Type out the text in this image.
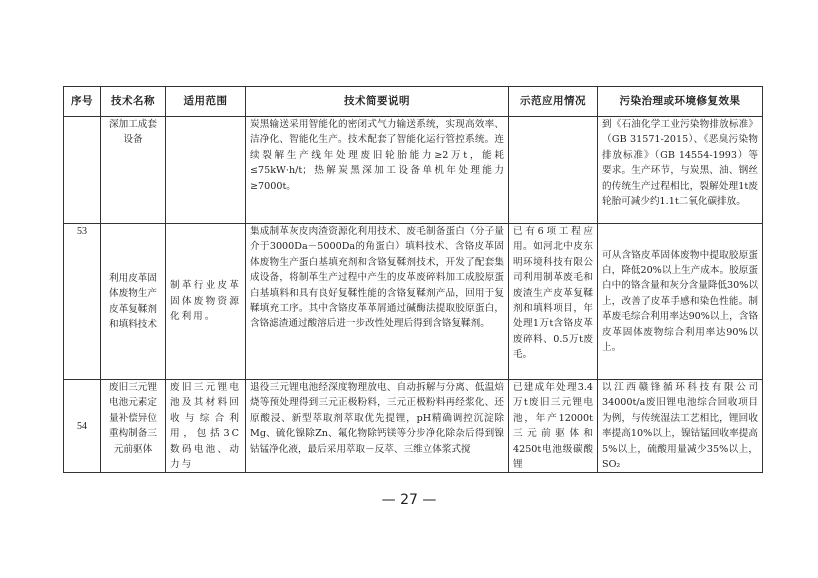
序号	技术名称	适用范围	技术简要说明	示范应用情况	污染治理或环境修复效果
	深加工成套设备		炭黑输送采用智能化的密闭式气力输送系统，实现高效率、洁净化、智能化生产。技术配套了智能化运行管控系统。连续裂解生产线年处理废旧轮胎能力≥2万t，能耗≤75kW·h/t；热解炭黑深加工设备单机年处理能力≥7000t。		到《石油化学工业污染物排放标准》（GB 31571-2015）、《恶臭污染物排放标准》（GB 14554-1993）等要求。生产环节，与炭黑、油、钢丝的传统生产过程相比，裂解处理1t废轮胎可减少约1.1t二氧化碳排放。
53	利用皮革固体废物生产皮革复鞣剂和填料技术	制革行业皮革固体废物资源化利用。	集成制革灰皮肉渣资源化利用技术、废毛制备蛋白（分子量介于3000Da－5000Da的角蛋白）填料技术、含铬皮革固体废物生产蛋白基填充剂和含铬复鞣剂技术，开发了配套集成设备，将制革生产过程中产生的皮革废碎料加工成胶原蛋白基填料和具有良好复鞣性能的含铬复鞣剂产品，回用于复鞣填充工序。其中含铬皮革革屑通过碱酶法提取胶原蛋白，含铬滤渣通过酸溶后进一步改性处理后得到含铬复鞣剂。	已有6项工程应用。如河北中皮东明环境科技有限公司利用制革废毛和废渣生产皮革复鞣剂和填料项目，年处理1万t含铬皮革废碎料、0.5万t废毛。	可从含铬皮革固体废物中提取胶原蛋白，降低20%以上生产成本。胶原蛋白中的铬含量和灰分含量降低30%以上，改善了皮革手感和染色性能。制革废毛综合利用率达90%以上，含铬皮革固体废物综合利用率达90%以上。
54	废旧三元锂电池元素定量补偿异位重构制备三元前驱体	废旧三元锂电池及其材料回收与综合利用，包括3C数码电池、动力与	退役三元锂电池经深度物理放电、自动拆解与分离、低温焙烧等预处理得到三元正极粉料，三元正极粉料再经浆化、还原酸浸、新型萃取剂萃取优先提锂，pH精确调控沉淀除Mg、硫化镍除Zn、氟化物除钙镁等分步净化除杂后得到镍钴锰净化液，最后采用萃取－反萃、三维立体浆式搅	已建成年处理3.4万t废旧三元锂电池，年产12000t三元前驱体和4250t电池级碳酸锂	以江西赣锋循环科技有限公司34000t/a废旧锂电池综合回收项目为例，与传统湿法工艺相比，锂回收率提高10%以上，镍钴锰回收率提高5%以上，硫酸用量减少35%以上，SO₂
— 27 —
